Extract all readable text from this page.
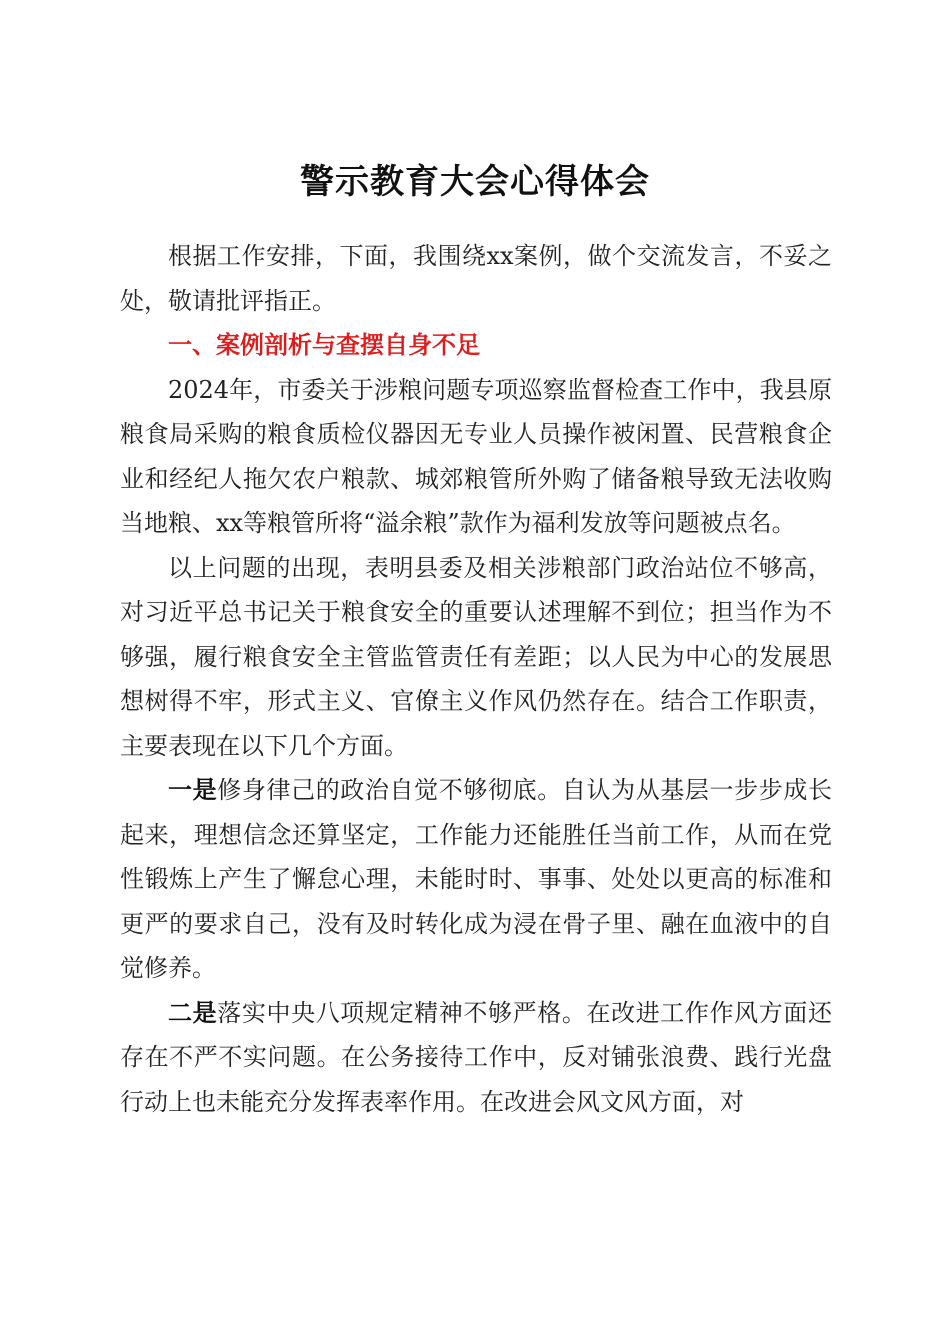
警示教育大会心得体会

根据工作安排，下面，我围绕xx案例，做个交流发言，不妥之处，敬请批评指正。

一、案例剖析与查摆自身不足

2024年，市委关于涉粮问题专项巡察监督检查工作中，我县原粮食局采购的粮食质检仪器因无专业人员操作被闲置、民营粮食企业和经纪人拖欠农户粮款、城郊粮管所外购了储备粮导致无法收购当地粮、xx等粮管所将“溢余粮”款作为福利发放等问题被点名。

以上问题的出现，表明县委及相关涉粮部门政治站位不够高，对习近平总书记关于粮食安全的重要认述理解不到位；担当作为不够强，履行粮食安全主管监管责任有差距；以人民为中心的发展思想树得不牢，形式主义、官僚主义作风仍然存在。结合工作职责，主要表现在以下几个方面。

一是修身律己的政治自觉不够彻底。自认为从基层一步步成长起来，理想信念还算坚定，工作能力还能胜任当前工作，从而在党性锻炼上产生了懈怠心理，未能时时、事事、处处以更高的标准和更严的要求自己，没有及时转化成为浸在骨子里、融在血液中的自觉修养。

二是落实中央八项规定精神不够严格。在改进工作作风方面还存在不严不实问题。在公务接待工作中，反对铺张浪费、践行光盘行动上也未能充分发挥表率作用。在改进会风文风方面，对
